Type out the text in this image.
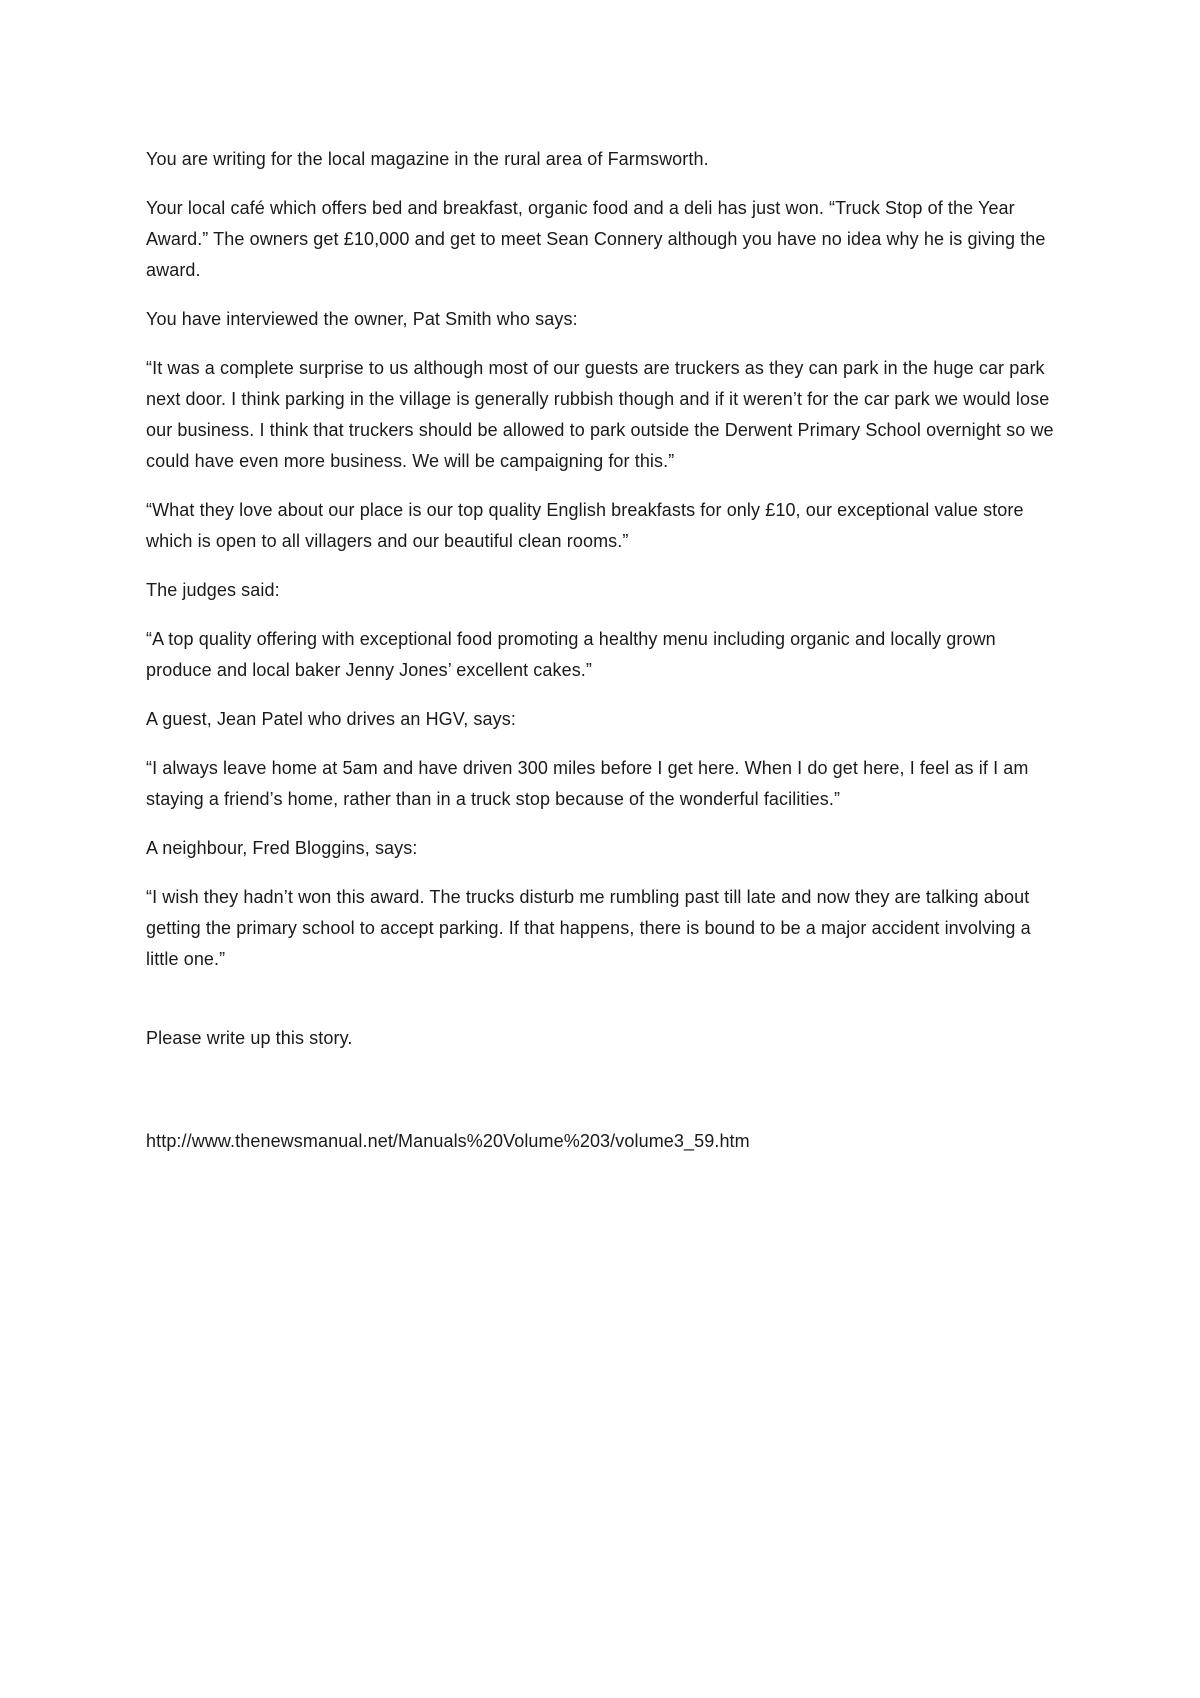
You are writing for the local magazine in the rural area of Farmsworth.

Your local café which offers bed and breakfast, organic food and a deli has just won. “Truck Stop of the Year Award.” The owners get £10,000 and get to meet Sean Connery although you have no idea why he is giving the award.

You have interviewed the owner, Pat Smith who says:

“It was a complete surprise to us although most of our guests are truckers as they can park in the huge car park next door. I think parking in the village is generally rubbish though and if it weren’t for the car park we would lose our business. I think that truckers should be allowed to park outside the Derwent Primary School overnight so we could have even more business. We will be campaigning for this.”

“What they love about our place is our top quality English breakfasts for only £10, our exceptional value store which is open to all villagers and our beautiful clean rooms.”

The judges said:

“A top quality offering with exceptional food promoting a healthy menu including organic and locally grown produce and local baker Jenny Jones’ excellent cakes.”

A guest, Jean Patel who drives an HGV, says:

“I always leave home at 5am and have driven 300 miles before I get here. When I do get here, I feel as if I am staying a friend’s home, rather than in a truck stop because of the wonderful facilities.”

A neighbour, Fred Bloggins, says:

“I wish they hadn’t won this award. The trucks disturb me rumbling past till late and now they are talking about getting the primary school to accept parking. If that happens, there is bound to be a major accident involving a little one.”

Please write up this story.

http://www.thenewsmanual.net/Manuals%20Volume%203/volume3_59.htm
